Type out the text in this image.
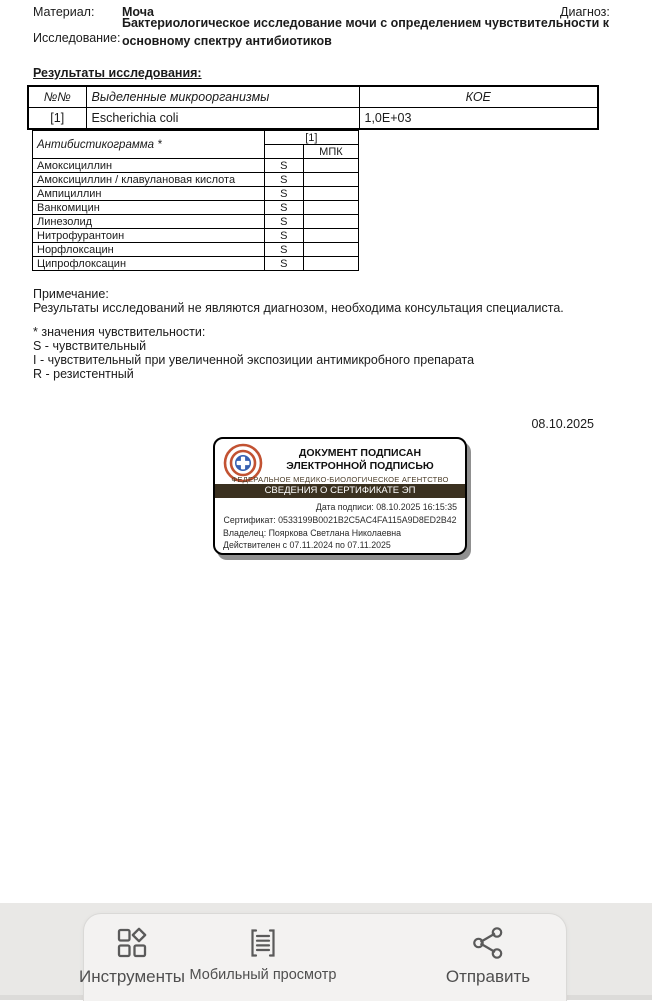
Материал: Моча	Диагноз:
Исследование:
Бактериологическое исследование мочи с определением чувствительности к основному спектру антибиотиков
Результаты исследования:
№№	Выделенные микроорганизмы	КОЕ
[1]	Escherichia coli	1,0E+03
Антибистикограмма *	[1]	
		МПК
Амоксициллин	S	
Амоксициллин / клавулановая кислота	S	
Ампициллин	S	
Ванкомицин	S	
Линезолид	S	
Нитрофурантоин	S	
Норфлоксацин	S	
Ципрофлоксацин	S	
Примечание:
Результаты исследований не являются диагнозом, необходима консультация специалиста.
* значения чувствительности:
S - чувствительный
I - чувствительный при увеличенной экспозиции антимикробного препарата
R - резистентный
08.10.2025
ДОКУМЕНТ ПОДПИСАН
ЭЛЕКТРОННОЙ ПОДПИСЬЮ
ФЕДЕРАЛЬНОЕ МЕДИКО-БИОЛОГИЧЕСКОЕ АГЕНТСТВО
СВЕДЕНИЯ О СЕРТИФИКАТЕ ЭП
Дата подписи: 08.10.2025 16:15:35
Сертификат: 0533199B0021B2C5AC4FA115A9D8ED2B42
Владелец: Пояркова Светлана Николаевна
Действителен с 07.11.2024 по 07.11.2025
Инструменты Мобильный просмотр	Отправить
